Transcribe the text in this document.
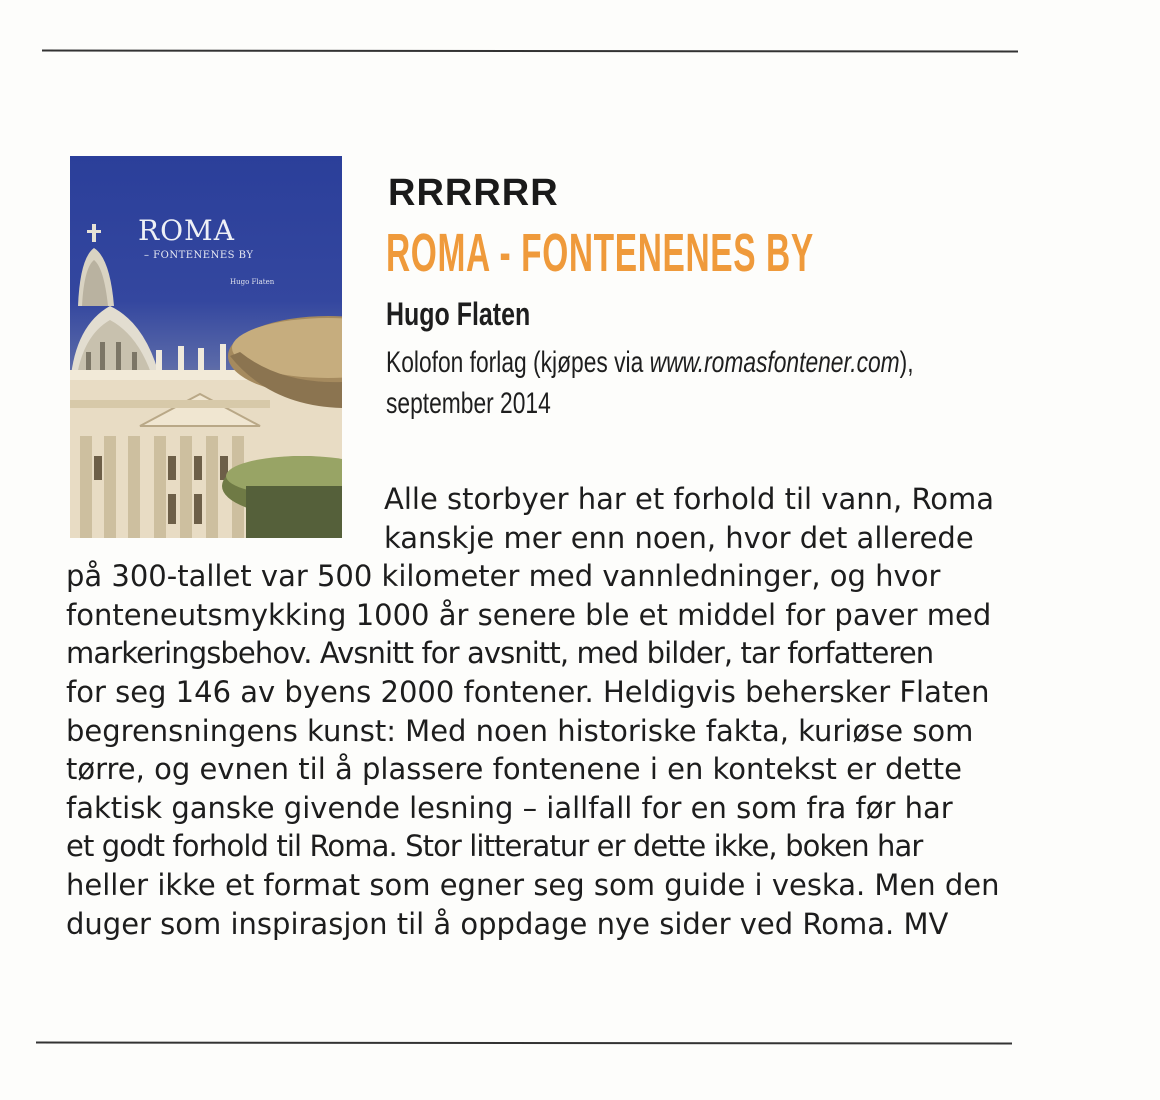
ROMA
– FONTENENES BY
Hugo Flaten
RRRRRR
ROMA - FONTENENES BY
Hugo Flaten
Kolofon forlag (kjøpes via www.romasfontener.com),
september 2014
Alle storbyer har et forhold til vann, Roma
kanskje mer enn noen, hvor det allerede
på 300-tallet var 500 kilometer med vannledninger, og hvor
fonteneutsmykking 1000 år senere ble et middel for paver med
markeringsbehov. Avsnitt for avsnitt, med bilder, tar forfatteren
for seg 146 av byens 2000 fontener. Heldigvis behersker Flaten
begrensningens kunst: Med noen historiske fakta, kuriøse som
tørre, og evnen til å plassere fontenene i en kontekst er dette
faktisk ganske givende lesning – iallfall for en som fra før har
et godt forhold til Roma. Stor litteratur er dette ikke, boken har
heller ikke et format som egner seg som guide i veska. Men den
duger som inspirasjon til å oppdage nye sider ved Roma. MV
